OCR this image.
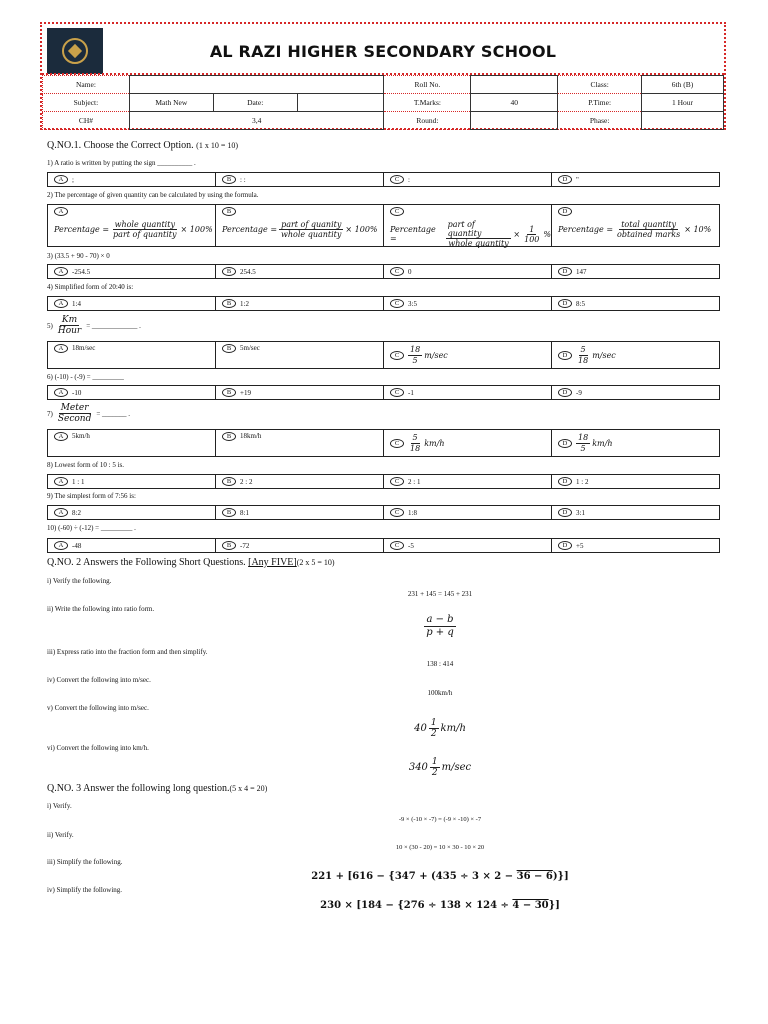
AL RAZI HIGHER SECONDARY SCHOOL
Name:				Roll No.		Class:	6th (B)
Subject:	Math New	Date:		T.Marks:	40	P.Time:	1 Hour
CH#	3,4			Round:		Phase:	
Q.NO.1. Choose the Correct Option. (1 x 10 = 10)
1) A ratio is written by putting the sign __________ .
A	;	B	: :	C	:	D	"
2) The percentage of given quantity can be calculated by using the formula.
A
Percentage = $\frac{\text{whole quantity}}{\text{part of quantity}} \times 100\%$
B
Percentage = $\frac{\text{part of quanity}}{\text{whole quantity}} \times 100\%$
C
Percentage =	$\frac{\text{part of quantity}}{\text{whole quantity}} \times \frac{1}{100}$ %
D
Percentage = $\frac{\text{total quantity}}{\text{obtained marks}} \times 10\%$
3) (33.5 + 90 - 70) × 0
A	-254.5	B	254.5	C	0	D	147
4) Simplified form of 20:40 is:
A	1:4	B	1:2	C	3:5	D	8:5
$5) \frac{Km}{\text{Hour}}$ = _____________ .
A	18m/sec	B	5m/sec
C	$\frac{18}{5} m/\sec$	D	$\frac{5}{18} m/\sec$
6) (-10) - (-9) = _________
A	-10	B	+19	C	-1	D	-9
$7) \frac{\text{Meter}}{\text{Second}}$ = _______ .
A	5km/h	B	18km/h
C	$\frac{5}{18} km/h$	D	$\frac{18}{5} km/h$
8) Lowest form of 10 : 5 is.
A	1 : 1	B	2 : 2	C	2 : 1	D	1 : 2
9) The simplest form of 7:56 is:
A	8:2	B	8:1	C	1:8	D	3:1
10) (-60) ÷ (-12) = _________ .
A	-48	B	-72	C	-5	D	+5
Q.NO. 2 Answers the Following Short Questions. [Any FIVE](2 x 5 = 10)
i) Verify the following.
231 + 145 = 145 + 231
ii) Write the following into ratio form.
$\frac{a - b}{p + q}$
iii) Express ratio into the fraction form and then simplify.
138 : 414
iv) Convert the following into m/sec.
100km/h
v) Convert the following into m/sec.
$40 \frac{1}{2} km/h$
vi) Convert the following into km/h.
$340 \frac{1}{2} m/\sec$
Q.NO. 3 Answer the following long question.(5 x 4 = 20)
i) Verify.
-9 × (-10 × -7) = (-9 × -10) × -7
ii) Verify.
10 × (30 - 20) = 10 × 30 - 10 × 20
iii) Simplify the following.
221 + [616 − {347 + (435 ÷ 3 × 2 − 36 − 6)}]
iv) Simplify the following.
230 × [184 − {276 ÷ 138 × 124 ÷ 4 − 30}]
